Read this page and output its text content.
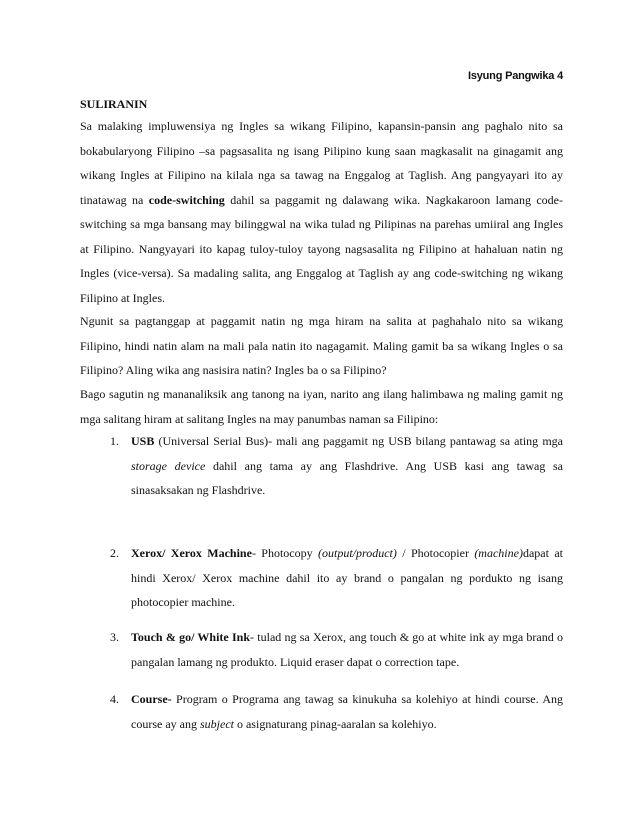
Isyung Pangwika 4
SULIRANIN

Sa malaking impluwensiya ng Ingles sa wikang Filipino, kapansin-pansin ang paghalo nito sa bokabularyong Filipino –sa pagsasalita ng isang Pilipino kung saan magkasalit na ginagamit ang wikang Ingles at Filipino na kilala nga sa tawag na Enggalog at Taglish. Ang pangyayari ito ay tinatawag na code-switching dahil sa paggamit ng dalawang wika. Nagkakaroon lamang code-switching sa mga bansang may bilinggwal na wika tulad ng Pilipinas na parehas umiiral ang Ingles at Filipino. Nangyayari ito kapag tuloy-tuloy tayong nagsasalita ng Filipino at hahaluan natin ng Ingles (vice-versa). Sa madaling salita, ang Enggalog at Taglish ay ang code-switching ng wikang Filipino at Ingles.

Ngunit sa pagtanggap at paggamit natin ng mga hiram na salita at paghahalo nito sa wikang Filipino, hindi natin alam na mali pala natin ito nagagamit. Maling gamit ba sa wikang Ingles o sa Filipino? Aling wika ang nasisira natin? Ingles ba o sa Filipino?

Bago sagutin ng mananaliksik ang tanong na iyan, narito ang ilang halimbawa ng maling gamit ng mga salitang hiram at salitang Ingles na may panumbas naman sa Filipino:

1. USB (Universal Serial Bus)- mali ang paggamit ng USB bilang pantawag sa ating mga storage device dahil ang tama ay ang Flashdrive. Ang USB kasi ang tawag sa sinasaksakan ng Flashdrive.
2. Xerox/ Xerox Machine- Photocopy (output/product) / Photocopier (machine)dapat at hindi Xerox/ Xerox machine dahil ito ay brand o pangalan ng pordukto ng isang photocopier machine.
3. Touch & go/ White Ink- tulad ng sa Xerox, ang touch & go at white ink ay mga brand o pangalan lamang ng produkto. Liquid eraser dapat o correction tape.
4. Course- Program o Programa ang tawag sa kinukuha sa kolehiyo at hindi course. Ang course ay ang subject o asignaturang pinag-aaralan sa kolehiyo.
